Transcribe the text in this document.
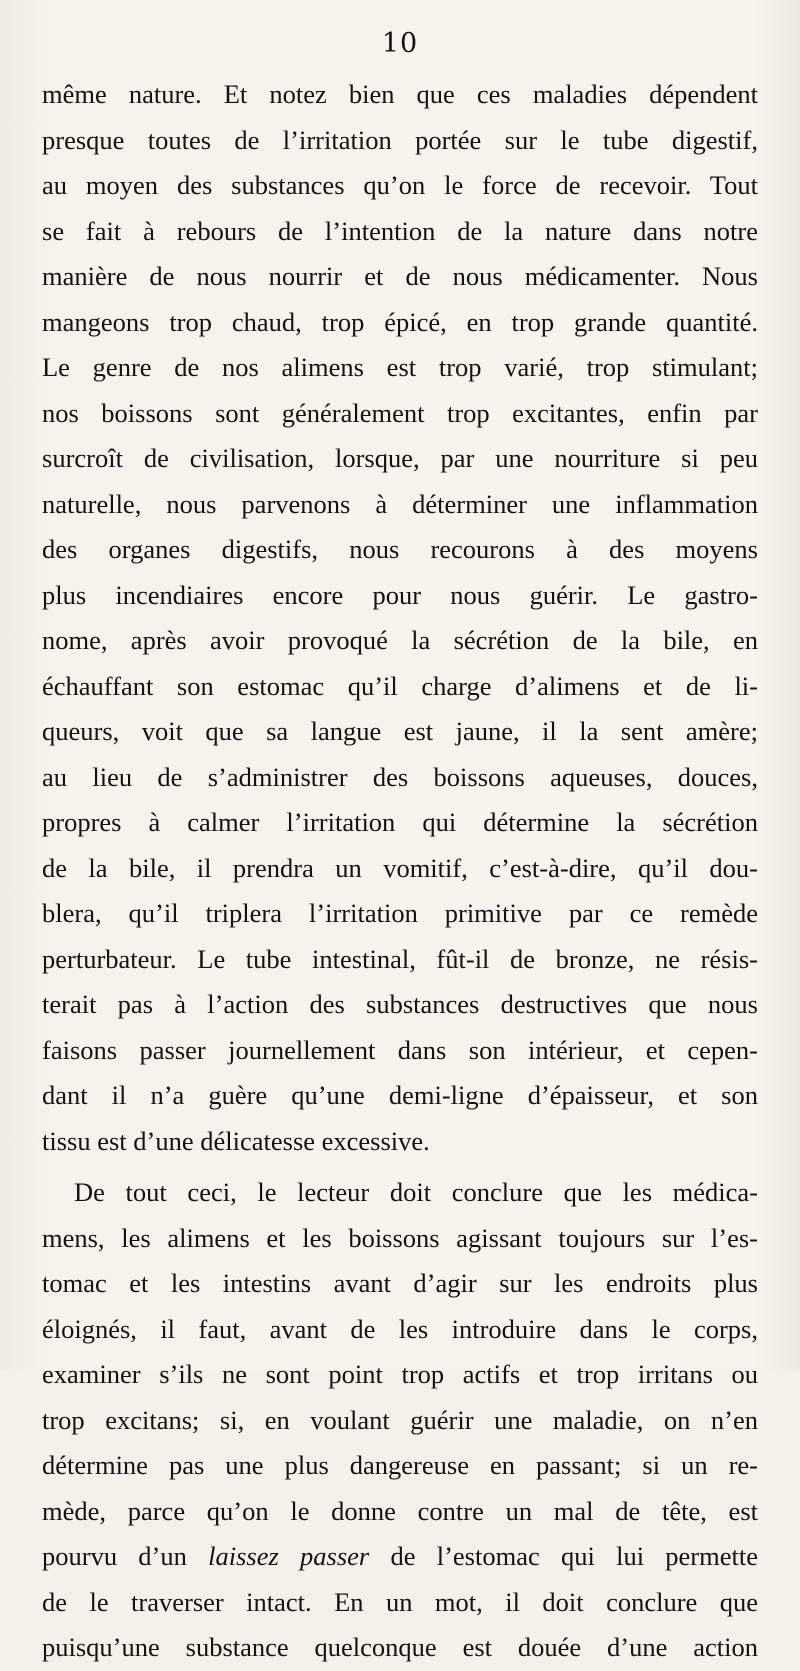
10
même nature. Et notez bien que ces maladies dépendent
presque toutes de l’irritation portée sur le tube digestif,
au moyen des substances qu’on le force de recevoir. Tout
se fait à rebours de l’intention de la nature dans notre
manière de nous nourrir et de nous médicamenter. Nous
mangeons trop chaud, trop épicé, en trop grande quantité.
Le genre de nos alimens est trop varié, trop stimulant;
nos boissons sont généralement trop excitantes, enfin par
surcroît de civilisation, lorsque, par une nourriture si peu
naturelle, nous parvenons à déterminer une inflammation
des organes digestifs, nous recourons à des moyens
plus incendiaires encore pour nous guérir. Le gastro-
nome, après avoir provoqué la sécrétion de la bile, en
échauffant son estomac qu’il charge d’alimens et de li-
queurs, voit que sa langue est jaune, il la sent amère;
au lieu de s’administrer des boissons aqueuses, douces,
propres à calmer l’irritation qui détermine la sécrétion
de la bile, il prendra un vomitif, c’est-à-dire, qu’il dou-
blera, qu’il triplera l’irritation primitive par ce remède
perturbateur. Le tube intestinal, fût-il de bronze, ne résis-
terait pas à l’action des substances destructives que nous
faisons passer journellement dans son intérieur, et cepen-
dant il n’a guère qu’une demi-ligne d’épaisseur, et son
tissu est d’une délicatesse excessive.
De tout ceci, le lecteur doit conclure que les médica-
mens, les alimens et les boissons agissant toujours sur l’es-
tomac et les intestins avant d’agir sur les endroits plus
éloignés, il faut, avant de les introduire dans le corps,
examiner s’ils ne sont point trop actifs et trop irritans ou
trop excitans; si, en voulant guérir une maladie, on n’en
détermine pas une plus dangereuse en passant; si un re-
mède, parce qu’on le donne contre un mal de tête, est
pourvu d’un laissez passer de l’estomac qui lui permette
de le traverser intact. En un mot, il doit conclure que
puisqu’une substance quelconque est douée d’une action
